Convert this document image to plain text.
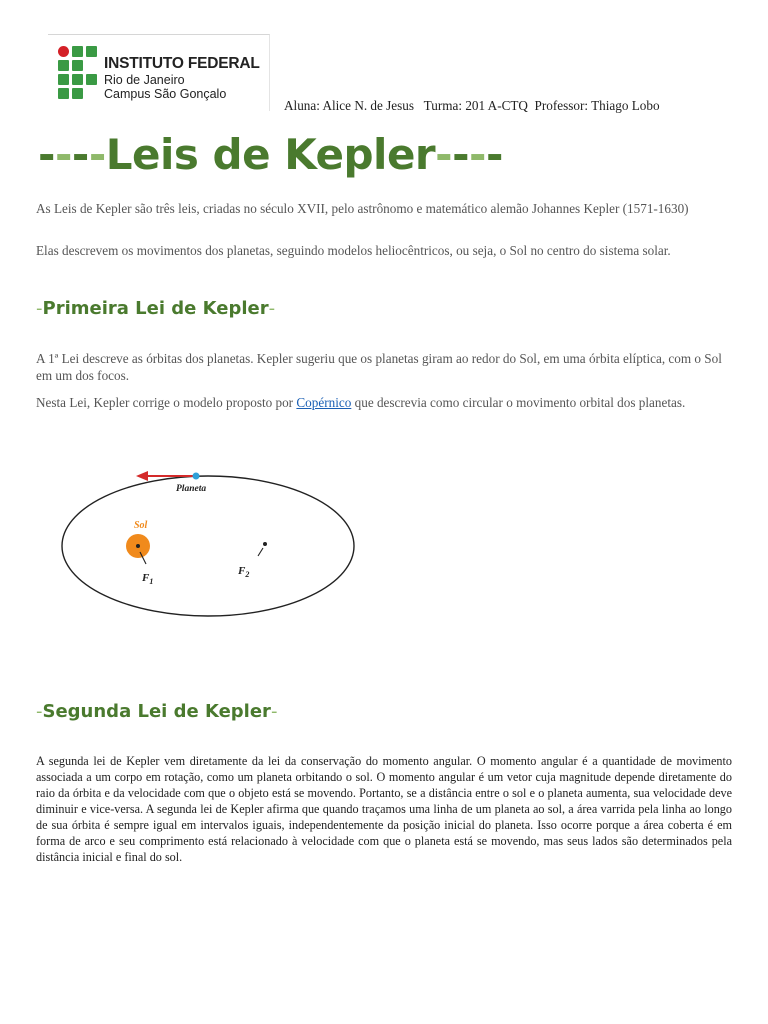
INSTITUTO FEDERAL
Rio de Janeiro
Campus São Gonçalo
Aluna: Alice N. de Jesus   Turma: 201 A-CTQ  Professor: Thiago Lobo
----Leis de Kepler----
As Leis de Kepler são três leis, criadas no século XVII, pelo astrônomo e matemático alemão Johannes Kepler (1571-1630)
Elas descrevem os movimentos dos planetas, seguindo modelos heliocêntricos, ou seja, o Sol no centro do sistema solar.
-Primeira Lei de Kepler-
A 1ª Lei descreve as órbitas dos planetas. Kepler sugeriu que os planetas giram ao redor do Sol, em uma órbita elíptica, com o Sol em um dos focos.
Nesta Lei, Kepler corrige o modelo proposto por Copérnico que descrevia como circular o movimento orbital dos planetas.
Planeta
Sol
$F_1$
$F_2$
-Segunda Lei de Kepler-
A segunda lei de Kepler vem diretamente da lei da conservação do momento angular. O momento angular é a quantidade de movimento associada a um corpo em rotação, como um planeta orbitando o sol. O momento angular é um vetor cuja magnitude depende diretamente do raio da órbita e da velocidade com que o objeto está se movendo. Portanto, se a distância entre o sol e o planeta aumenta, sua velocidade deve diminuir e vice-versa. A segunda lei de Kepler afirma que quando traçamos uma linha de um planeta ao sol, a área varrida pela linha ao longo de sua órbita é sempre igual em intervalos iguais, independentemente da posição inicial do planeta. Isso ocorre porque a área coberta é em forma de arco e seu comprimento está relacionado à velocidade com que o planeta está se movendo, mas seus lados são determinados pela distância inicial e final do sol.
